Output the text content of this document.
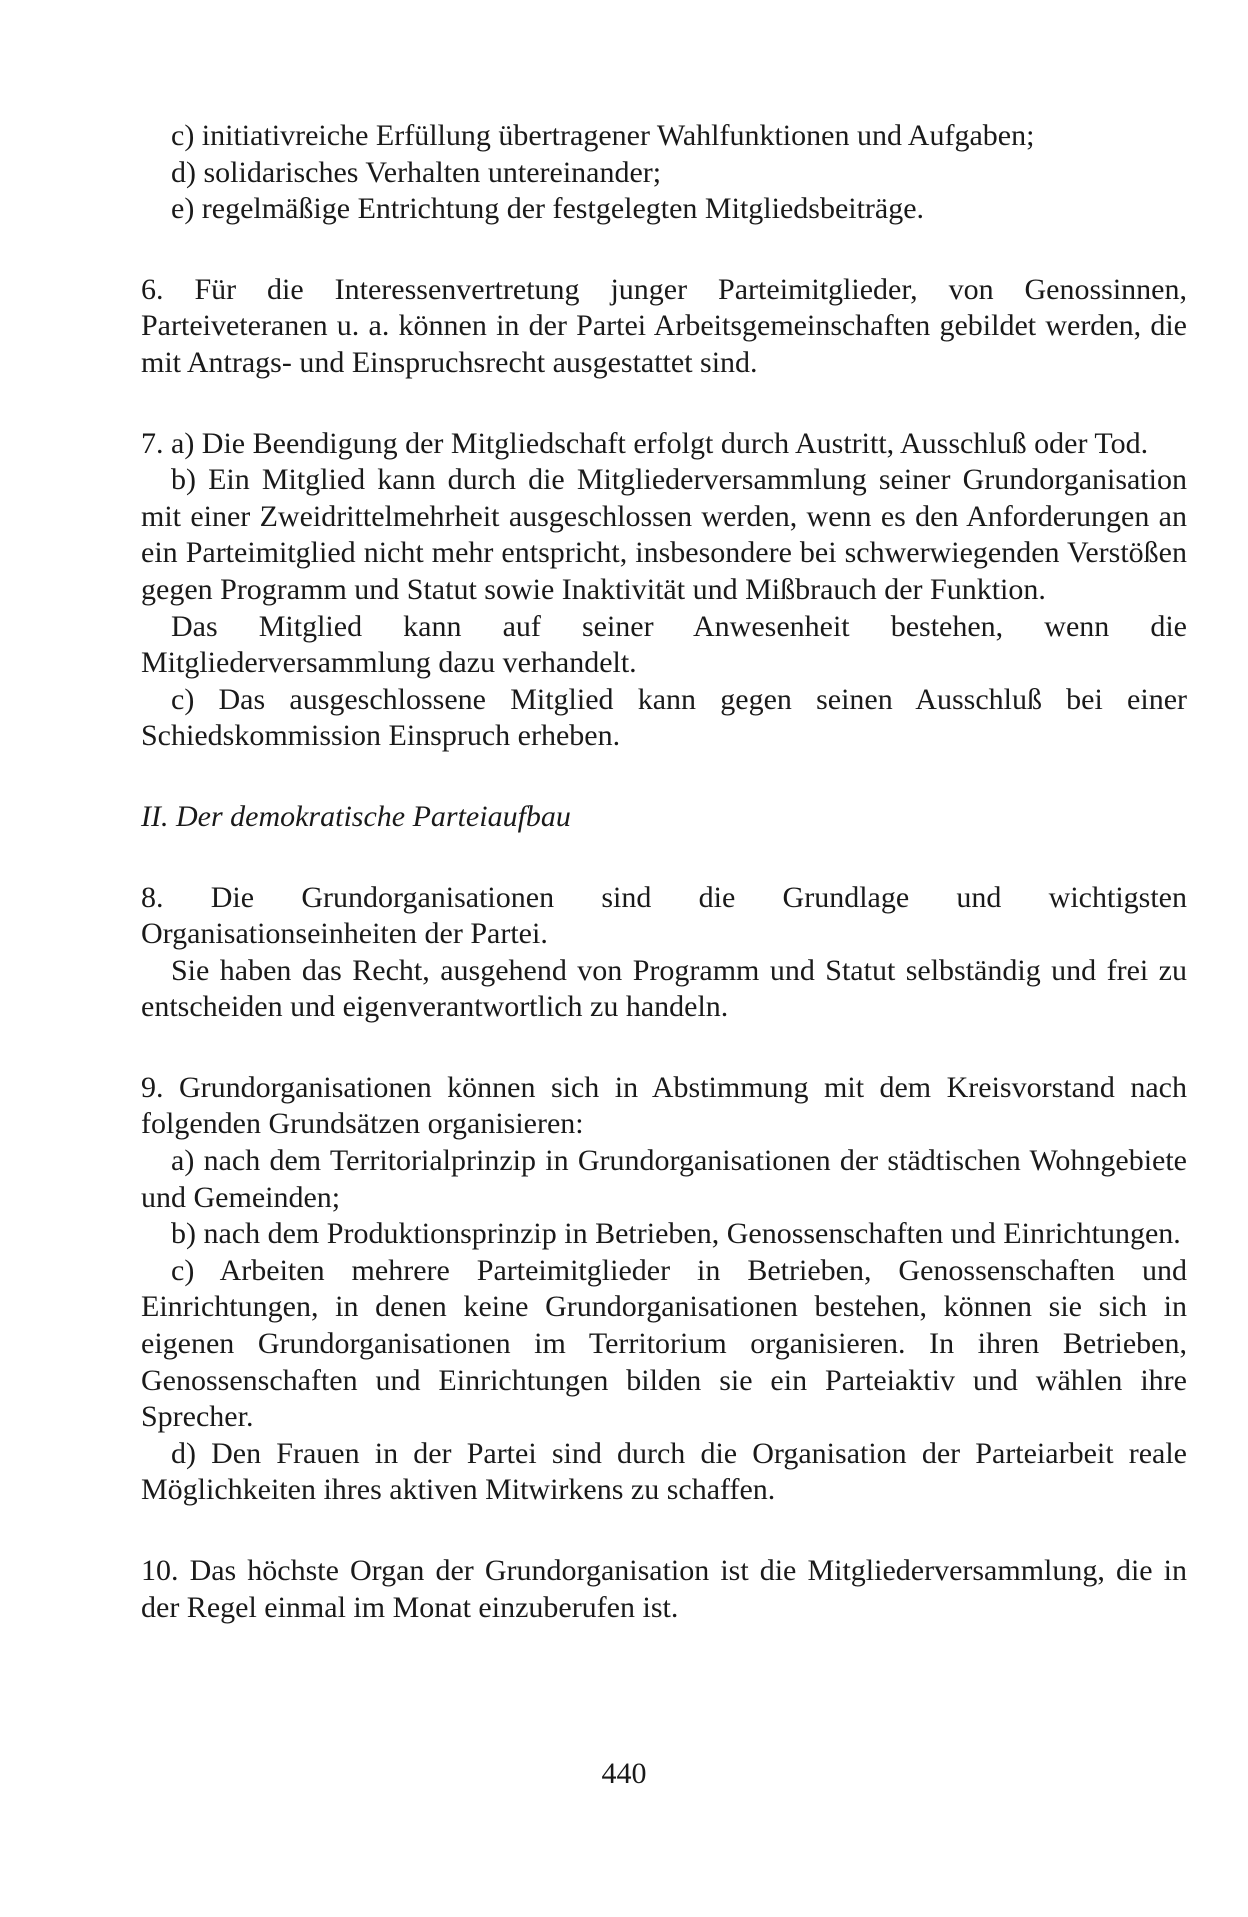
c) initiativreiche Erfüllung übertragener Wahlfunktionen und Aufgaben;
d) solidarisches Verhalten untereinander;
e) regelmäßige Entrichtung der festgelegten Mitgliedsbeiträge.

6. Für die Interessenvertretung junger Parteimitglieder, von Genossinnen, Parteiveteranen u. a. können in der Partei Arbeitsgemeinschaften gebildet werden, die mit Antrags- und Einspruchsrecht ausgestattet sind.

7. a) Die Beendigung der Mitgliedschaft erfolgt durch Austritt, Ausschluß oder Tod.

b) Ein Mitglied kann durch die Mitgliederversammlung seiner Grundorganisation mit einer Zweidrittelmehrheit ausgeschlossen werden, wenn es den Anforderungen an ein Parteimitglied nicht mehr entspricht, insbesondere bei schwerwiegenden Verstößen gegen Programm und Statut sowie Inaktivität und Mißbrauch der Funktion.

Das Mitglied kann auf seiner Anwesenheit bestehen, wenn die Mitgliederversammlung dazu verhandelt.

c) Das ausgeschlossene Mitglied kann gegen seinen Ausschluß bei einer Schiedskommission Einspruch erheben.

II. Der demokratische Parteiaufbau

8. Die Grundorganisationen sind die Grundlage und wichtigsten Organisationseinheiten der Partei.

Sie haben das Recht, ausgehend von Programm und Statut selbständig und frei zu entscheiden und eigenverantwortlich zu handeln.

9. Grundorganisationen können sich in Abstimmung mit dem Kreisvorstand nach folgenden Grundsätzen organisieren:

a) nach dem Territorialprinzip in Grundorganisationen der städtischen Wohngebiete und Gemeinden;

b) nach dem Produktionsprinzip in Betrieben, Genossenschaften und Einrichtungen.

c) Arbeiten mehrere Parteimitglieder in Betrieben, Genossenschaften und Einrichtungen, in denen keine Grundorganisationen bestehen, können sie sich in eigenen Grundorganisationen im Territorium organisieren. In ihren Betrieben, Genossenschaften und Einrichtungen bilden sie ein Parteiaktiv und wählen ihre Sprecher.

d) Den Frauen in der Partei sind durch die Organisation der Parteiarbeit reale Möglichkeiten ihres aktiven Mitwirkens zu schaffen.

10. Das höchste Organ der Grundorganisation ist die Mitgliederversammlung, die in der Regel einmal im Monat einzuberufen ist.

440
